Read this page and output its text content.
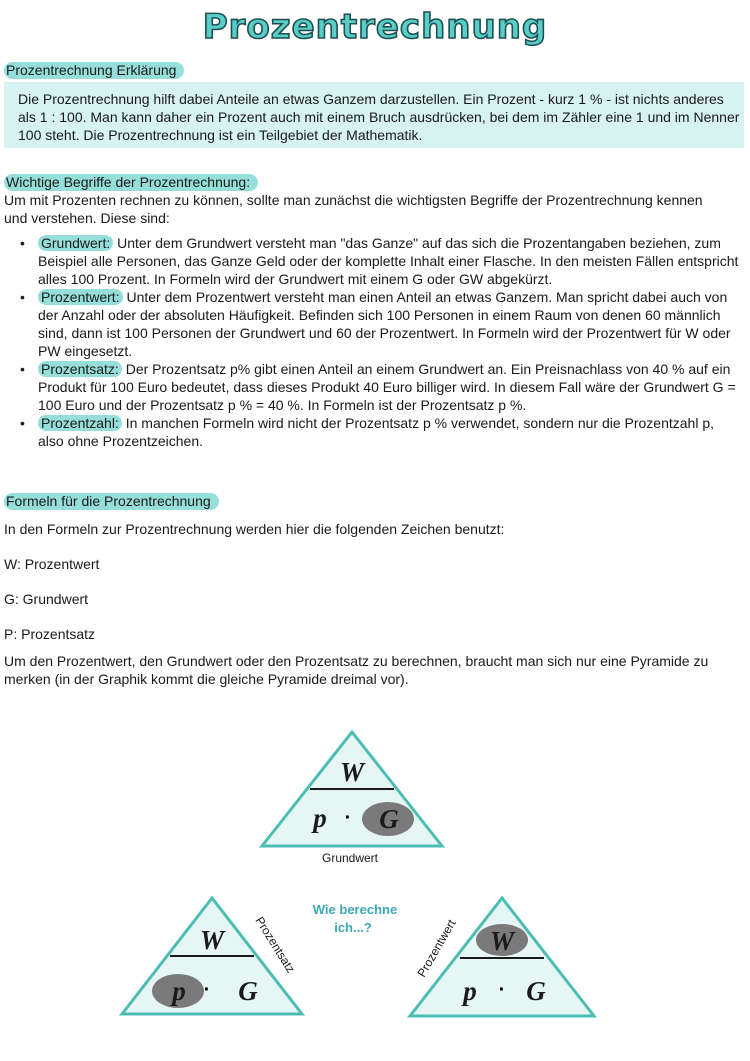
Prozentrechnung
Prozentrechnung Erklärung

Die Prozentrechnung hilft dabei Anteile an etwas Ganzem darzustellen. Ein Prozent - kurz 1 % - ist nichts anderes als 1 : 100. Man kann daher ein Prozent auch mit einem Bruch ausdrücken, bei dem im Zähler eine 1 und im Nenner 100 steht. Die Prozentrechnung ist ein Teilgebiet der Mathematik.

Wichtige Begriffe der Prozentrechnung:

Um mit Prozenten rechnen zu können, sollte man zunächst die wichtigsten Begriffe der Prozentrechnung kennen und verstehen. Diese sind:

• Grundwert: Unter dem Grundwert versteht man "das Ganze" auf das sich die Prozentangaben beziehen, zum Beispiel alle Personen, das Ganze Geld oder der komplette Inhalt einer Flasche. In den meisten Fällen entspricht alles 100 Prozent. In Formeln wird der Grundwert mit einem G oder GW abgekürzt.
• Prozentwert: Unter dem Prozentwert versteht man einen Anteil an etwas Ganzem. Man spricht dabei auch von der Anzahl oder der absoluten Häufigkeit. Befinden sich 100 Personen in einem Raum von denen 60 männlich sind, dann ist 100 Personen der Grundwert und 60 der Prozentwert. In Formeln wird der Prozentwert für W oder PW eingesetzt.
• Prozentsatz: Der Prozentsatz p% gibt einen Anteil an einem Grundwert an. Ein Preisnachlass von 40 % auf ein Produkt für 100 Euro bedeutet, dass dieses Produkt 40 Euro billiger wird. In diesem Fall wäre der Grundwert G = 100 Euro und der Prozentsatz p % = 40 %. In Formeln ist der Prozentsatz p %.
• Prozentzahl: In manchen Formeln wird nicht der Prozentsatz p % verwendet, sondern nur die Prozentzahl p, also ohne Prozentzeichen.
Formeln für die Prozentrechnung
In den Formeln zur Prozentrechnung werden hier die folgenden Zeichen benutzt:
W: Prozentwert
G: Grundwert
P: Prozentsatz

Um den Prozentwert, den Grundwert oder den Prozentsatz zu berechnen, braucht man sich nur eine Pyramide zu merken (in der Graphik kommt die gleiche Pyramide dreimal vor).

W
p · G
Grundwert
W
p · G
Prozentsatz
Wie berechne
ich...?	W
p · G
Prozentwert
